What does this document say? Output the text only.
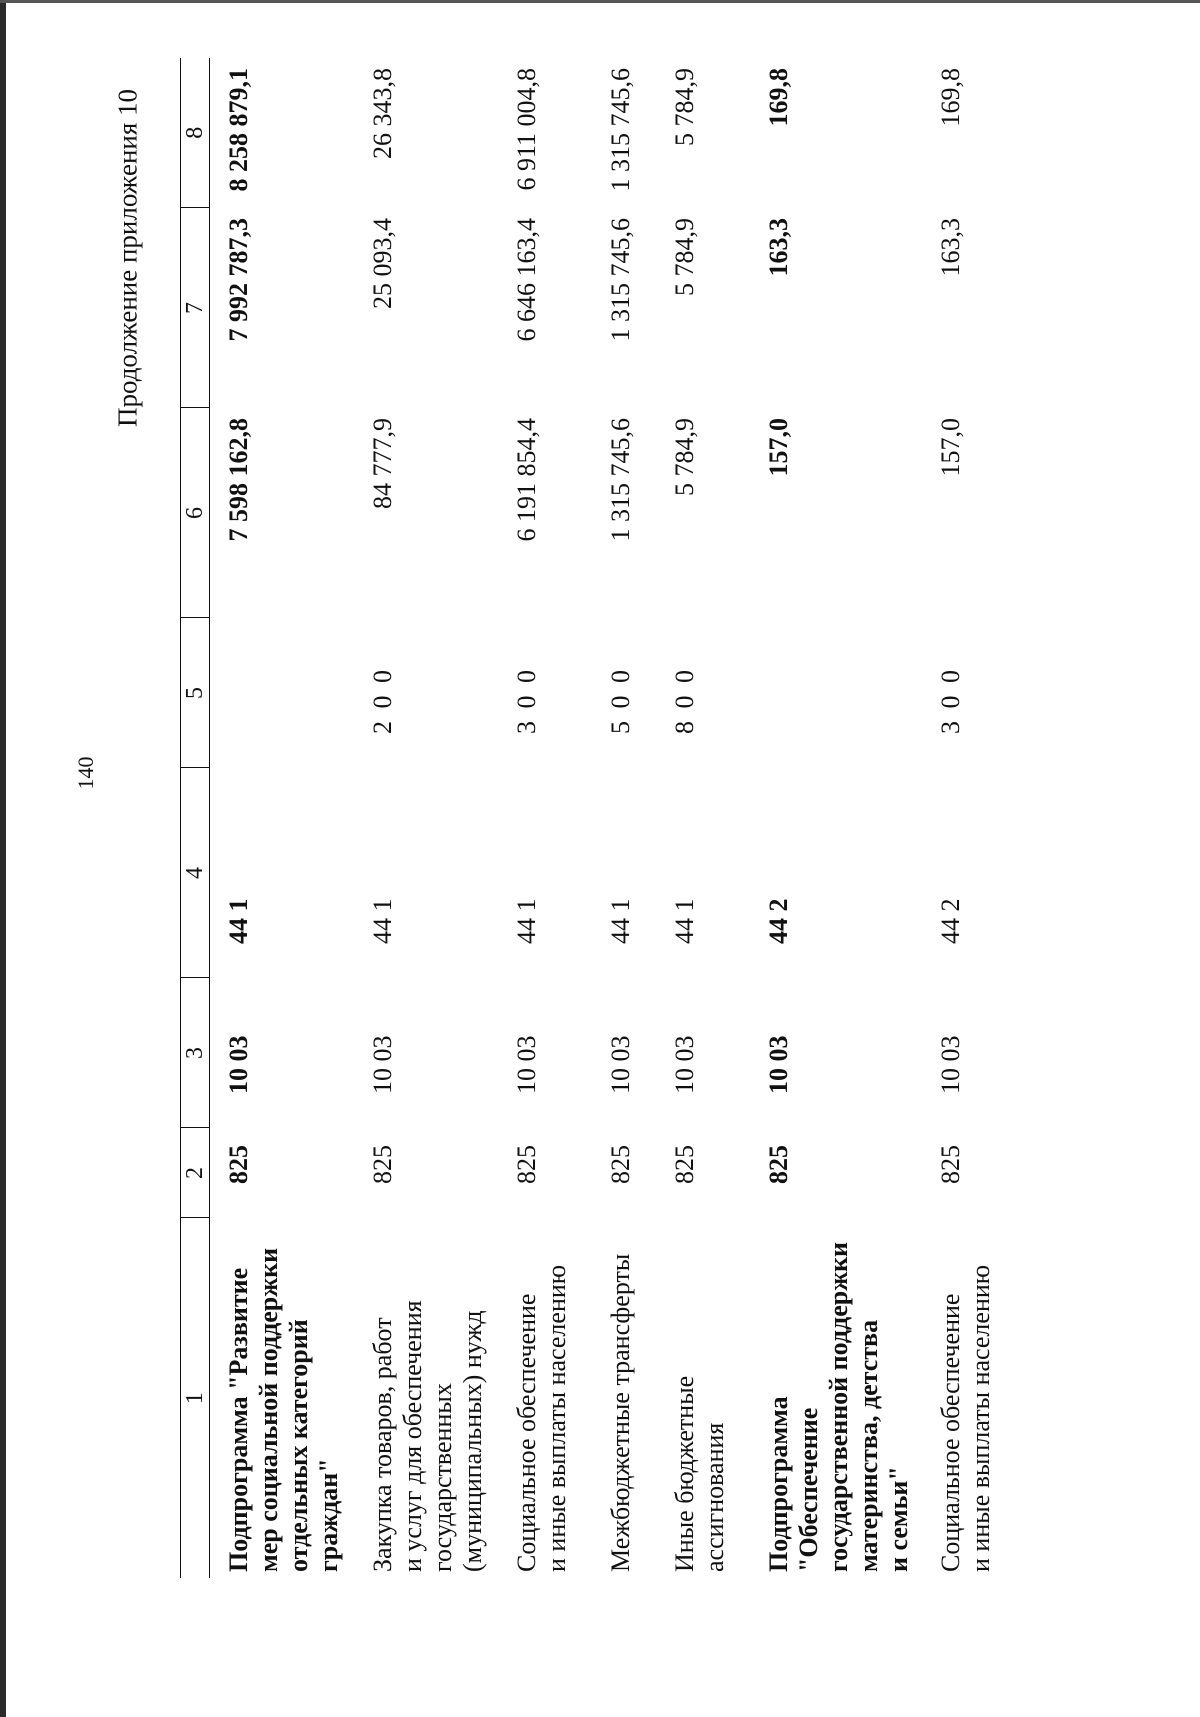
140
Продолжение приложения 10
1	2	3	4	5	6	7	8

Подпрограмма "Развитие мер социальной поддержки отдельных категорий граждан"	825	10 03	44 1		7 598 162,8	7 992 787,3	8 258 879,1

Закупка товаров, работ и услуг для обеспечения государственных (муниципальных) нужд	825	10 03	44 1	2 0 0	84 777,9	25 093,4	26 343,8

Социальное обеспечение и иные выплаты населению	825	10 03	44 1	3 0 0	6 191 854,4	6 646 163,4	6 911 004,8

Межбюджетные трансферты	825	10 03	44 1	5 0 0	1 315 745,6	1 315 745,6	1 315 745,6

Иные бюджетные ассигнования	825	10 03	44 1	8 0 0	5 784,9	5 784,9	5 784,9

Подпрограмма "Обеспечение государственной поддержки материнства, детства и семьи"	825	10 03	44 2		157,0	163,3	169,8

Социальное обеспечение и иные выплаты населению	825	10 03	44 2	3 0 0	157,0	163,3	169,8
